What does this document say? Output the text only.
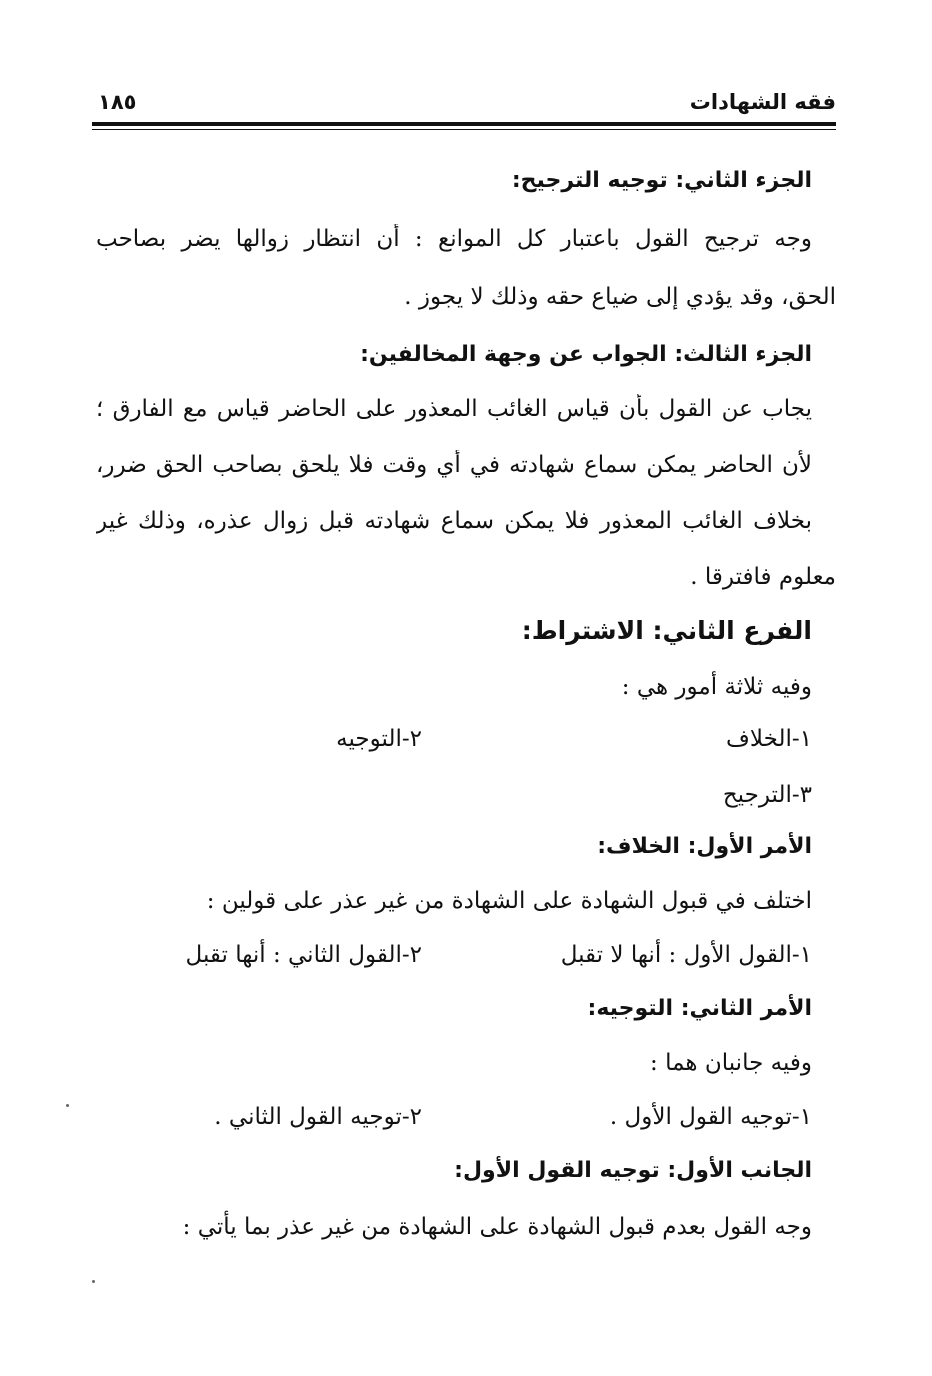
فقه الشهادات
١٨٥
الجزء الثاني: توجيه الترجيح:
وجه ترجيح القول باعتبار كل الموانع : أن انتظار زوالها يضر بصاحب
الحق، وقد يؤدي إلى ضياع حقه وذلك لا يجوز .
الجزء الثالث: الجواب عن وجهة المخالفين:
يجاب عن القول بأن قياس الغائب المعذور على الحاضر قياس مع الفارق ؛
لأن الحاضر يمكن سماع شهادته في أي وقت فلا يلحق بصاحب الحق ضرر،
بخلاف الغائب المعذور فلا يمكن سماع شهادته قبل زوال عذره، وذلك غير
معلوم فافترقا .
الفرع الثاني: الاشتراط:
وفيه ثلاثة أمور هي :
١-الخلاف
٢-التوجيه
٣-الترجيح
الأمر الأول: الخلاف:
اختلف في قبول الشهادة على الشهادة من غير عذر على قولين :
١-القول الأول : أنها لا تقبل
٢-القول الثاني : أنها تقبل
الأمر الثاني: التوجيه:
وفيه جانبان هما :
١-توجيه القول الأول .
٢-توجيه القول الثاني .
الجانب الأول: توجيه القول الأول:
وجه القول بعدم قبول الشهادة على الشهادة من غير عذر بما يأتي :
